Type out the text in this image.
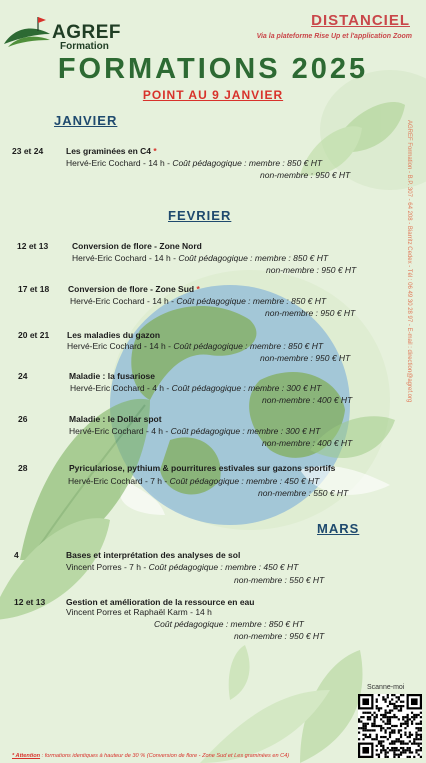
AGREF
Formation
DISTANCIEL
Via la plateforme Rise Up et l'application Zoom
FORMATIONS 2025
POINT AU 9 JANVIER
JANVIER
FEVRIER
MARS
23 et 24	Les graminées en C4 *
Hervé-Eric Cochard - 14 h - Coût pédagogique : membre : 850 € HT
non-membre : 950 € HT
12 et 13	Conversion de flore - Zone Nord
Hervé-Eric Cochard - 14 h - Coût pédagogique : membre : 850 € HT
non-membre : 950 € HT
17 et 18 Conversion de flore - Zone Sud *
Hervé-Eric Cochard - 14 h - Coût pédagogique : membre : 850 € HT
non-membre : 950 € HT
20 et 21 Les maladies du gazon
Hervé-Eric Cochard - 14 h - Coût pédagogique : membre : 850 € HT
non-membre : 950 € HT
24	Maladie : la fusariose
Hervé-Eric Cochard - 4 h - Coût pédagogique : membre : 300 € HT
non-membre : 400 € HT
26	Maladie : le Dollar spot
Hervé-Eric Cochard - 4 h - Coût pédagogique : membre : 300 € HT
non-membre : 400 € HT
28	Pyriculariose, pythium & pourritures estivales sur gazons sportifs
Hervé-Eric Cochard - 7 h - Coût pédagogique : membre : 450 € HT
non-membre : 550 € HT
4	Bases et interprétation des analyses de sol
Vincent Porres - 7 h - Coût pédagogique : membre : 450 € HT
non-membre : 550 € HT
12 et 13 Gestion et amélioration de la ressource en eau
Vincent Porres et Raphaël Karm - 14 h
Coût pédagogique : membre : 850 € HT
non-membre : 950 € HT
AGREF Formation - B.P. 307 - 64 208 - Biarritz Cedex - Tél : 06 49 30 28 97 - E-mail : direction@agref.org
Scanne-moi
* Attention : formations identiques à hauteur de 30 % (Conversion de flore - Zone Sud et Les graminées en C4)
